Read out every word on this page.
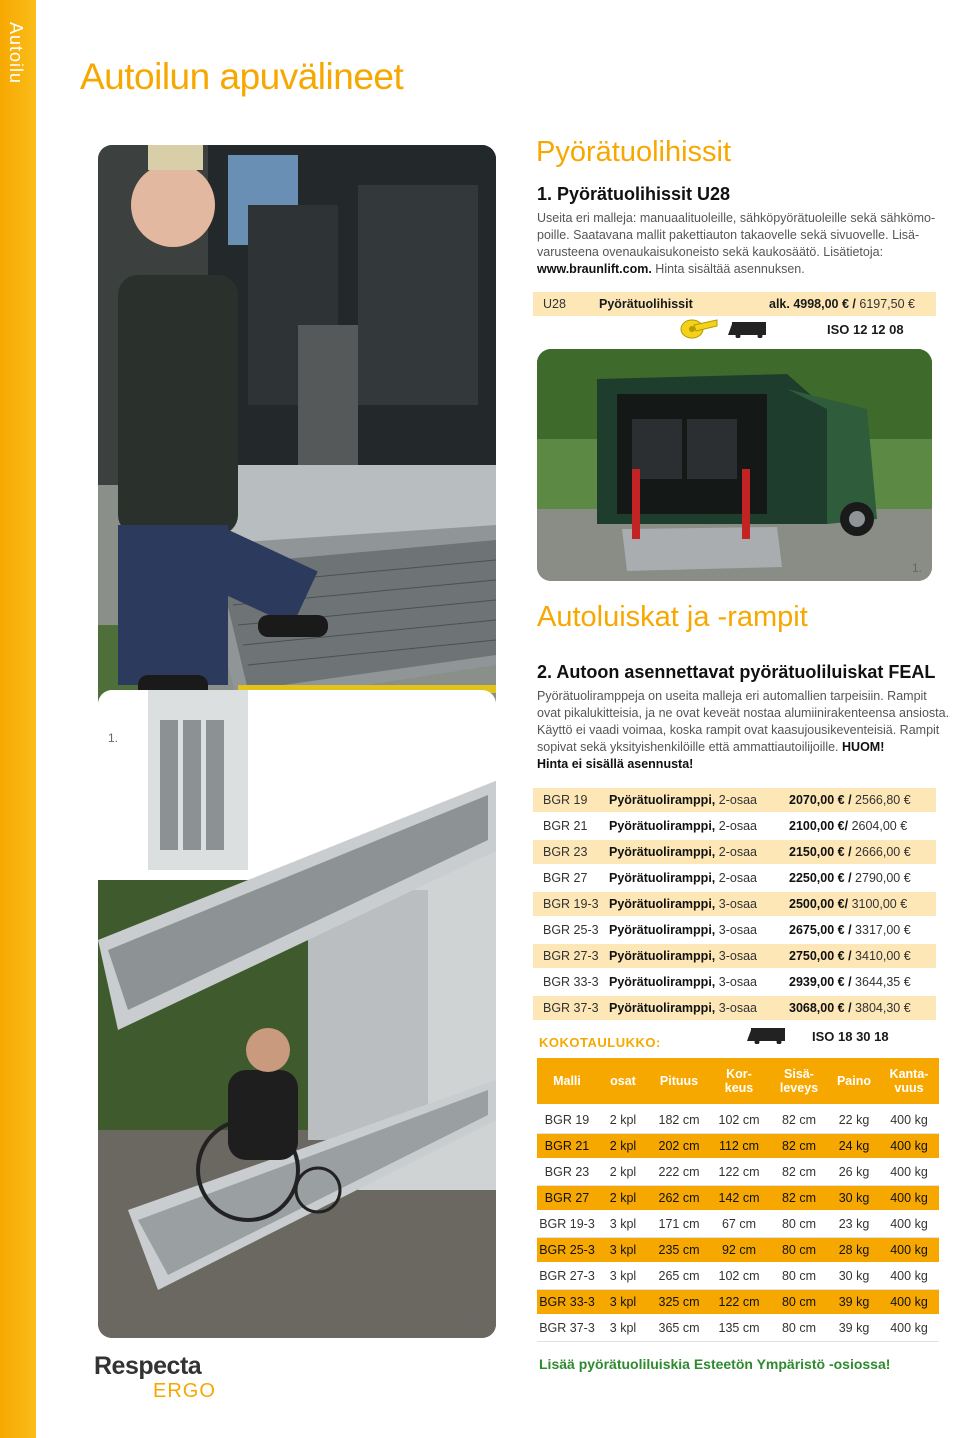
Autoilu Autoilun apuvälineet
1.
2.
Pyörätuolihissit
1. Pyörätuolihissit U28
Useita eri malleja: manuaalituoleille, sähköpyörätuoleille sekä sähkömo-
poille. Saatavana mallit pakettiauton takaovelle sekä sivuovelle. Lisä-
varusteena ovenaukaisukoneisto sekä kaukosäätö. Lisätietoja:
www.braunlift.com. Hinta sisältää asennuksen.
U28	Pyörätuolihissit	alk. 4998,00 € / 6197,50 €
ISO 12 12 08
1.
Autoluiskat ja -rampit
2. Autoon asennettavat pyörätuoliluiskat FEAL
Pyörätuoliramppeja on useita malleja eri automallien tarpeisiin. Rampit
ovat pikalukitteisia, ja ne ovat keveät nostaa alumiinirakenteensa ansiosta.
Käyttö ei vaadi voimaa, koska rampit ovat kaasujousikeventeisiä. Rampit
sopivat sekä yksityishenkilöille että ammattiautoilijoille. HUOM!
Hinta ei sisällä asennusta!
BGR 19	Pyörätuoliramppi, 2-osaa	2070,00 € / 2566,80 €
BGR 21	Pyörätuoliramppi, 2-osaa	2100,00 €/ 2604,00 €
BGR 23	Pyörätuoliramppi, 2-osaa	2150,00 € / 2666,00 €
BGR 27	Pyörätuoliramppi, 2-osaa	2250,00 € / 2790,00 €
BGR 19-3 Pyörätuoliramppi, 3-osaa	2500,00 €/ 3100,00 €
BGR 25-3 Pyörätuoliramppi, 3-osaa	2675,00 € / 3317,00 €
BGR 27-3 Pyörätuoliramppi, 3-osaa	2750,00 € / 3410,00 €
BGR 33-3 Pyörätuoliramppi, 3-osaa	2939,00 € / 3644,35 €
BGR 37-3 Pyörätuoliramppi, 3-osaa	3068,00 € / 3804,30 €
ISO 18 30 18
KOKOTAULUKKO:
Malli	osat	Pituus	Kor-
keus
Sisä-
leveys	Paino	Kanta-
vuus
BGR 19	2 kpl	182 cm	102 cm	82 cm	22 kg	400 kg
BGR 21	2 kpl	202 cm	112 cm	82 cm	24 kg	400 kg
BGR 23	2 kpl	222 cm	122 cm	82 cm	26 kg	400 kg
BGR 27	2 kpl	262 cm	142 cm	82 cm	30 kg	400 kg
BGR 19-3	3 kpl	171 cm	67 cm	80 cm	23 kg	400 kg
BGR 25-3	3 kpl	235 cm	92 cm	80 cm	28 kg	400 kg
BGR 27-3	3 kpl	265 cm	102 cm	80 cm	30 kg	400 kg
BGR 33-3	3 kpl	325 cm	122 cm	80 cm	39 kg	400 kg
BGR 37-3	3 kpl	365 cm	135 cm	80 cm	39 kg	400 kg
Lisää pyörätuoliluiskia Esteetön Ympäristö -osiossa!
Respecta
ERGO
